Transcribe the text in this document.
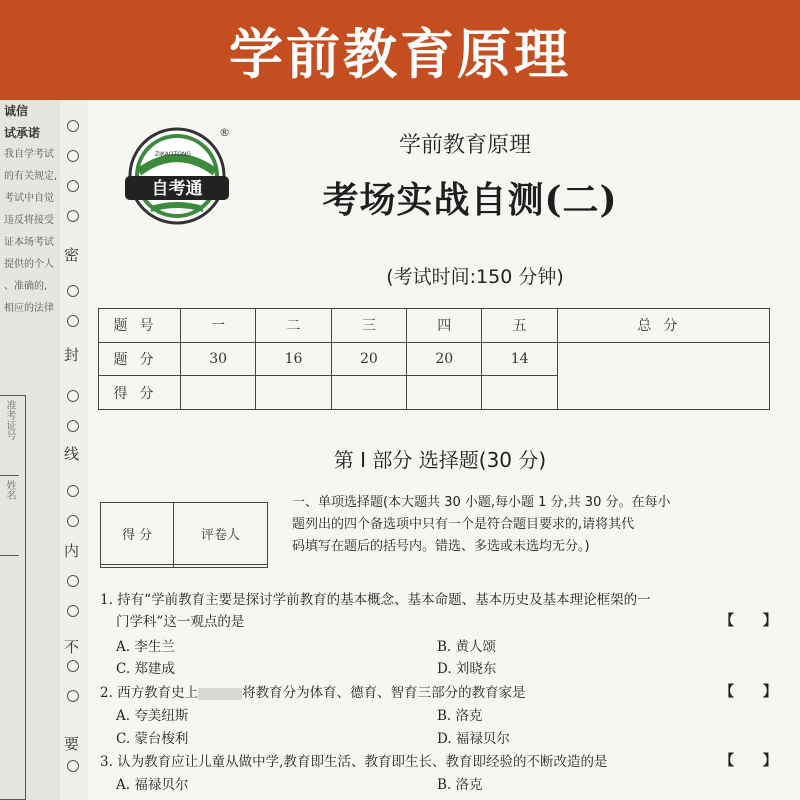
学前教育原理
诚信
试承诺
我自学考试
的有关规定,
考试中自觉
违反将接受
证本场考试
提供的个人
、准确的,
相应的法律
准考证号
姓名
密
封
线
内
不
要
自考通
ZIKAOTONG
®
学前教育原理
考场实战自测(二)
(考试时间:150 分钟)
题号	一	二	三	四	五	总分
题分	30	16	20	20	14	
得分						
第 I 部分 选择题(30 分)
得 分	评卷人

一、单项选择题(本大题共 30 小题,每小题 1 分,共 30 分。在每小
题列出的四个备选项中只有一个是符合题目要求的,请将其代
码填写在题后的括号内。错选、多选或未选均无分。)
1. 持有“学前教育主要是探讨学前教育的基本概念、基本命题、基本历史及基本理论框架的一
门学科”这一观点的是	【 】
A. 李生兰	B. 黄人颂
C. 郑建成	D. 刘晓东
2. 西方教育史上	将教育分为体育、德育、智育三部分的教育家是	【 】
A. 夸美纽斯	B. 洛克
C. 蒙台梭利	D. 福禄贝尔
3. 认为教育应让儿童从做中学,教育即生活、教育即生长、教育即经验的不断改造的是	【 】
A. 福禄贝尔	B. 洛克
